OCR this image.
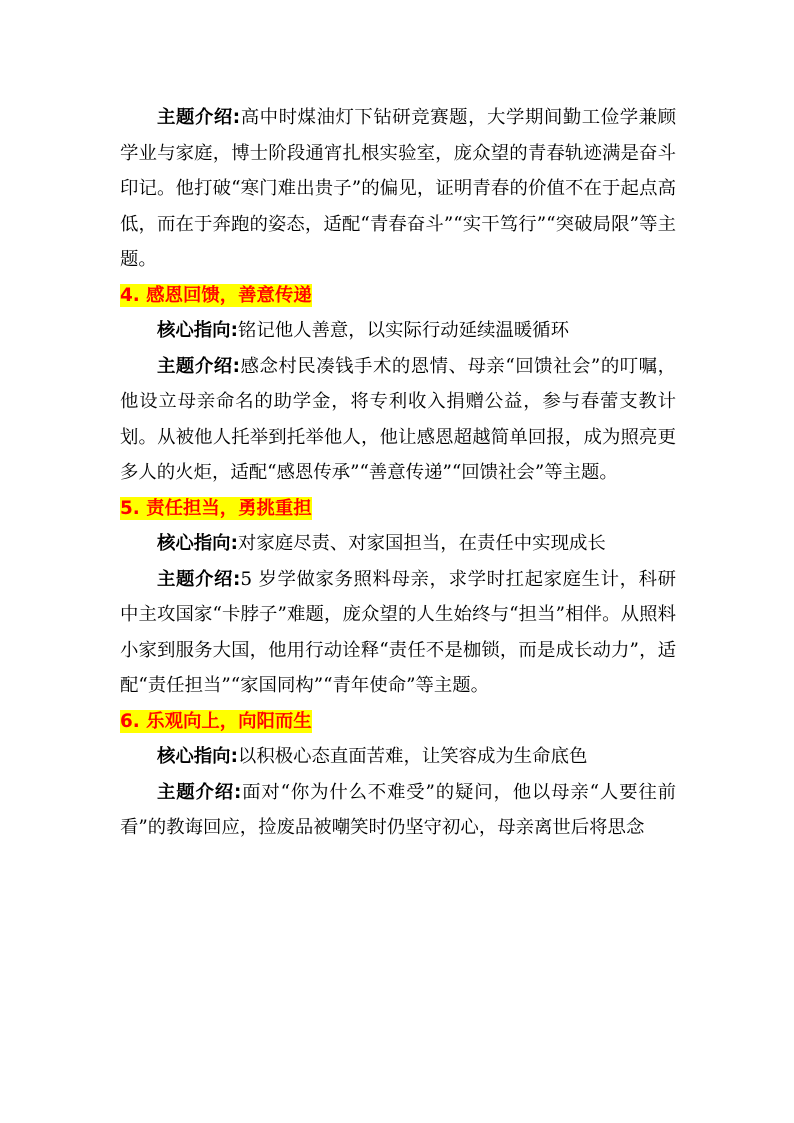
主题介绍:高中时煤油灯下钻研竞赛题，大学期间勤工俭学兼顾学业与家庭，博士阶段通宵扎根实验室，庞众望的青春轨迹满是奋斗印记。他打破“寒门难出贵子”的偏见，证明青春的价值不在于起点高低，而在于奔跑的姿态，适配“青春奋斗”“实干笃行”“突破局限”等主题。

4. 感恩回馈，善意传递

核心指向:铭记他人善意，以实际行动延续温暖循环

主题介绍:感念村民凑钱手术的恩情、母亲“回馈社会”的叮嘱，他设立母亲命名的助学金，将专利收入捐赠公益，参与春蕾支教计划。从被他人托举到托举他人，他让感恩超越简单回报，成为照亮更多人的火炬，适配“感恩传承”“善意传递”“回馈社会”等主题。

5. 责任担当，勇挑重担

核心指向:对家庭尽责、对家国担当，在责任中实现成长

主题介绍:5 岁学做家务照料母亲，求学时扛起家庭生计，科研中主攻国家“卡脖子”难题，庞众望的人生始终与“担当”相伴。从照料小家到服务大国，他用行动诠释“责任不是枷锁，而是成长动力”，适配“责任担当”“家国同构”“青年使命”等主题。

6. 乐观向上，向阳而生

核心指向:以积极心态直面苦难，让笑容成为生命底色

主题介绍:面对“你为什么不难受”的疑问，他以母亲“人要往前看”的教诲回应，捡废品被嘲笑时仍坚守初心，母亲离世后将思念
